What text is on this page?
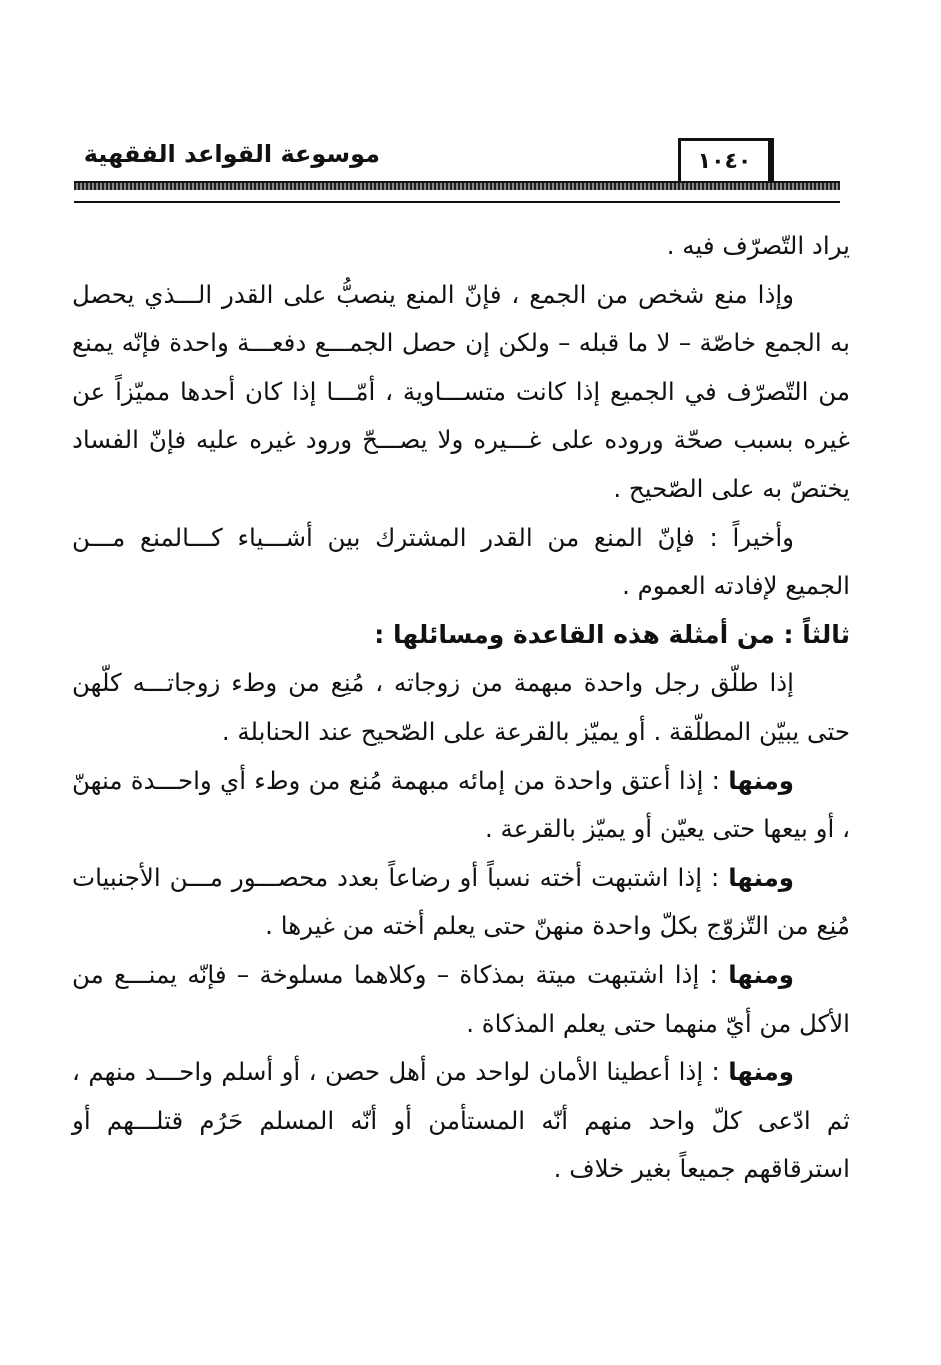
١٠٤٠
موسوعة القواعد الفقهية

يراد التّصرّف فيه .

وإذا منع شخص من الجمع ، فإنّ المنع ينصبُّ على القدر الـــذي يحصل به الجمع خاصّة – لا ما قبله – ولكن إن حصل الجمـــع دفعـــة واحدة فإنّه يمنع من التّصرّف في الجميع إذا كانت متســـاوية ، أمّـــا إذا كان أحدها مميّزاً عن غيره بسبب صحّة وروده على غـــيره ولا يصـــحّ ورود غيره عليه فإنّ الفساد يختصّ به على الصّحيح .

وأخيراً : فإنّ المنع من القدر المشترك بين أشـــياء كـــالمنع مـــن الجميع لإفادته العموم .

ثالثاً : من أمثلة هذه القاعدة ومسائلها :

إذا طلّق رجل واحدة مبهمة من زوجاته ، مُنِع من وطء زوجاتـــه كلّهن حتى يبيّن المطلّقة . أو يميّز بالقرعة على الصّحيح عند الحنابلة .

ومنها : إذا أعتق واحدة من إمائه مبهمة مُنع من وطء أي واحـــدة منهنّ ، أو بيعها حتى يعيّن أو يميّز بالقرعة .

ومنها : إذا اشتبهت أخته نسباً أو رضاعاً بعدد محصـــور مـــن الأجنبيات مُنِع من التّزوّج بكلّ واحدة منهنّ حتى يعلم أخته من غيرها .

ومنها : إذا اشتبهت ميتة بمذكاة – وكلاهما مسلوخة – فإنّه يمنـــع من الأكل من أيّ منهما حتى يعلم المذكاة .

ومنها : إذا أعطينا الأمان لواحد من أهل حصن ، أو أسلم واحـــد منهم ، ثم ادّعى كلّ واحد منهم أنّه المستأمن أو أنّه المسلم حَرُم قتلـــهم أو استرقاقهم جميعاً بغير خلاف .
